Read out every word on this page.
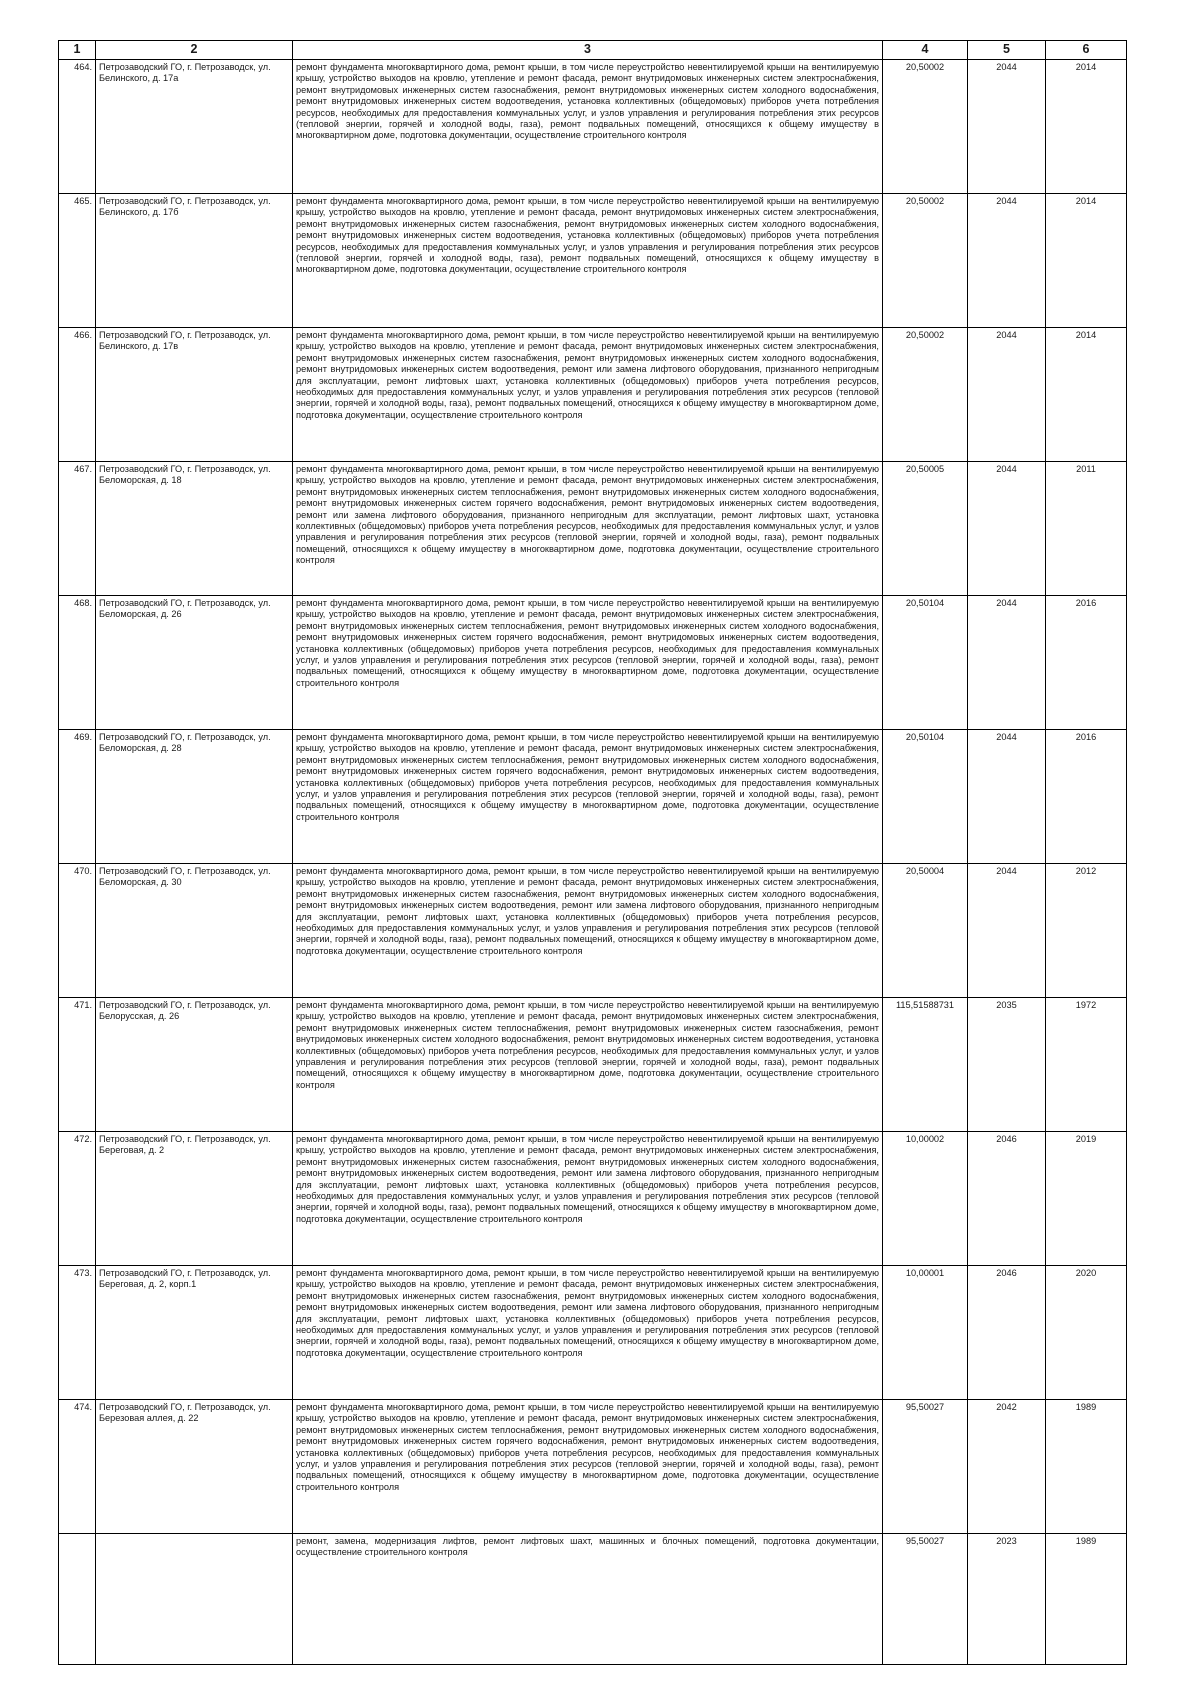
1	2	3	4	5	6
464.	Петрозаводский ГО, г. Петрозаводск, ул. Белинского, д. 17а	ремонт фундамента многоквартирного дома, ремонт крыши, в том числе переустройство невентилируемой крыши на вентилируемую крышу, устройство выходов на кровлю, утепление и ремонт фасада, ремонт внутридомовых инженерных систем электроснабжения, ремонт внутридомовых инженерных систем газоснабжения, ремонт внутридомовых инженерных систем холодного водоснабжения, ремонт внутридомовых инженерных систем водоотведения, установка коллективных (общедомовых) приборов учета потребления ресурсов, необходимых для предоставления коммунальных услуг, и узлов управления и регулирования потребления этих ресурсов (тепловой энергии, горячей и холодной воды, газа), ремонт подвальных помещений, относящихся к общему имуществу в многоквартирном доме, подготовка документации, осуществление строительного контроля	20,50002	2044	2014
465.	Петрозаводский ГО, г. Петрозаводск, ул. Белинского, д. 17б	ремонт фундамента многоквартирного дома, ремонт крыши, в том числе переустройство невентилируемой крыши на вентилируемую крышу, устройство выходов на кровлю, утепление и ремонт фасада, ремонт внутридомовых инженерных систем электроснабжения, ремонт внутридомовых инженерных систем газоснабжения, ремонт внутридомовых инженерных систем холодного водоснабжения, ремонт внутридомовых инженерных систем водоотведения, установка коллективных (общедомовых) приборов учета потребления ресурсов, необходимых для предоставления коммунальных услуг, и узлов управления и регулирования потребления этих ресурсов (тепловой энергии, горячей и холодной воды, газа), ремонт подвальных помещений, относящихся к общему имуществу в многоквартирном доме, подготовка документации, осуществление строительного контроля	20,50002	2044	2014
466.	Петрозаводский ГО, г. Петрозаводск, ул. Белинского, д. 17в	ремонт фундамента многоквартирного дома, ремонт крыши, в том числе переустройство невентилируемой крыши на вентилируемую крышу, устройство выходов на кровлю, утепление и ремонт фасада, ремонт внутридомовых инженерных систем электроснабжения, ремонт внутридомовых инженерных систем газоснабжения, ремонт внутридомовых инженерных систем холодного водоснабжения, ремонт внутридомовых инженерных систем водоотведения, ремонт или замена лифтового оборудования, признанного непригодным для эксплуатации, ремонт лифтовых шахт, установка коллективных (общедомовых) приборов учета потребления ресурсов, необходимых для предоставления коммунальных услуг, и узлов управления и регулирования потребления этих ресурсов (тепловой энергии, горячей и холодной воды, газа), ремонт подвальных помещений, относящихся к общему имуществу в многоквартирном доме, подготовка документации, осуществление строительного контроля	20,50002	2044	2014
467.	Петрозаводский ГО, г. Петрозаводск, ул. Беломорская, д. 18	ремонт фундамента многоквартирного дома, ремонт крыши, в том числе переустройство невентилируемой крыши на вентилируемую крышу, устройство выходов на кровлю, утепление и ремонт фасада, ремонт внутридомовых инженерных систем электроснабжения, ремонт внутридомовых инженерных систем теплоснабжения, ремонт внутридомовых инженерных систем холодного водоснабжения, ремонт внутридомовых инженерных систем горячего водоснабжения, ремонт внутридомовых инженерных систем водоотведения, ремонт или замена лифтового оборудования, признанного непригодным для эксплуатации, ремонт лифтовых шахт, установка коллективных (общедомовых) приборов учета потребления ресурсов, необходимых для предоставления коммунальных услуг, и узлов управления и регулирования потребления этих ресурсов (тепловой энергии, горячей и холодной воды, газа), ремонт подвальных помещений, относящихся к общему имуществу в многоквартирном доме, подготовка документации, осуществление строительного контроля	20,50005	2044	2011
468.	Петрозаводский ГО, г. Петрозаводск, ул. Беломорская, д. 26	ремонт фундамента многоквартирного дома, ремонт крыши, в том числе переустройство невентилируемой крыши на вентилируемую крышу, устройство выходов на кровлю, утепление и ремонт фасада, ремонт внутридомовых инженерных систем электроснабжения, ремонт внутридомовых инженерных систем теплоснабжения, ремонт внутридомовых инженерных систем холодного водоснабжения, ремонт внутридомовых инженерных систем горячего водоснабжения, ремонт внутридомовых инженерных систем водоотведения, установка коллективных (общедомовых) приборов учета потребления ресурсов, необходимых для предоставления коммунальных услуг, и узлов управления и регулирования потребления этих ресурсов (тепловой энергии, горячей и холодной воды, газа), ремонт подвальных помещений, относящихся к общему имуществу в многоквартирном доме, подготовка документации, осуществление строительного контроля	20,50104	2044	2016
469.	Петрозаводский ГО, г. Петрозаводск, ул. Беломорская, д. 28	ремонт фундамента многоквартирного дома, ремонт крыши, в том числе переустройство невентилируемой крыши на вентилируемую крышу, устройство выходов на кровлю, утепление и ремонт фасада, ремонт внутридомовых инженерных систем электроснабжения, ремонт внутридомовых инженерных систем теплоснабжения, ремонт внутридомовых инженерных систем холодного водоснабжения, ремонт внутридомовых инженерных систем горячего водоснабжения, ремонт внутридомовых инженерных систем водоотведения, установка коллективных (общедомовых) приборов учета потребления ресурсов, необходимых для предоставления коммунальных услуг, и узлов управления и регулирования потребления этих ресурсов (тепловой энергии, горячей и холодной воды, газа), ремонт подвальных помещений, относящихся к общему имуществу в многоквартирном доме, подготовка документации, осуществление строительного контроля	20,50104	2044	2016
470.	Петрозаводский ГО, г. Петрозаводск, ул. Беломорская, д. 30	ремонт фундамента многоквартирного дома, ремонт крыши, в том числе переустройство невентилируемой крыши на вентилируемую крышу, устройство выходов на кровлю, утепление и ремонт фасада, ремонт внутридомовых инженерных систем электроснабжения, ремонт внутридомовых инженерных систем газоснабжения, ремонт внутридомовых инженерных систем холодного водоснабжения, ремонт внутридомовых инженерных систем водоотведения, ремонт или замена лифтового оборудования, признанного непригодным для эксплуатации, ремонт лифтовых шахт, установка коллективных (общедомовых) приборов учета потребления ресурсов, необходимых для предоставления коммунальных услуг, и узлов управления и регулирования потребления этих ресурсов (тепловой энергии, горячей и холодной воды, газа), ремонт подвальных помещений, относящихся к общему имуществу в многоквартирном доме, подготовка документации, осуществление строительного контроля	20,50004	2044	2012
471.	Петрозаводский ГО, г. Петрозаводск, ул. Белорусская, д. 26	ремонт фундамента многоквартирного дома, ремонт крыши, в том числе переустройство невентилируемой крыши на вентилируемую крышу, устройство выходов на кровлю, утепление и ремонт фасада, ремонт внутридомовых инженерных систем электроснабжения, ремонт внутридомовых инженерных систем теплоснабжения, ремонт внутридомовых инженерных систем газоснабжения, ремонт внутридомовых инженерных систем холодного водоснабжения, ремонт внутридомовых инженерных систем водоотведения, установка коллективных (общедомовых) приборов учета потребления ресурсов, необходимых для предоставления коммунальных услуг, и узлов управления и регулирования потребления этих ресурсов (тепловой энергии, горячей и холодной воды, газа), ремонт подвальных помещений, относящихся к общему имуществу в многоквартирном доме, подготовка документации, осуществление строительного контроля	115,51588731	2035	1972
472.	Петрозаводский ГО, г. Петрозаводск, ул. Береговая, д. 2	ремонт фундамента многоквартирного дома, ремонт крыши, в том числе переустройство невентилируемой крыши на вентилируемую крышу, устройство выходов на кровлю, утепление и ремонт фасада, ремонт внутридомовых инженерных систем электроснабжения, ремонт внутридомовых инженерных систем газоснабжения, ремонт внутридомовых инженерных систем холодного водоснабжения, ремонт внутридомовых инженерных систем водоотведения, ремонт или замена лифтового оборудования, признанного непригодным для эксплуатации, ремонт лифтовых шахт, установка коллективных (общедомовых) приборов учета потребления ресурсов, необходимых для предоставления коммунальных услуг, и узлов управления и регулирования потребления этих ресурсов (тепловой энергии, горячей и холодной воды, газа), ремонт подвальных помещений, относящихся к общему имуществу в многоквартирном доме, подготовка документации, осуществление строительного контроля	10,00002	2046	2019
473.	Петрозаводский ГО, г. Петрозаводск, ул. Береговая, д. 2, корп.1	ремонт фундамента многоквартирного дома, ремонт крыши, в том числе переустройство невентилируемой крыши на вентилируемую крышу, устройство выходов на кровлю, утепление и ремонт фасада, ремонт внутридомовых инженерных систем электроснабжения, ремонт внутридомовых инженерных систем газоснабжения, ремонт внутридомовых инженерных систем холодного водоснабжения, ремонт внутридомовых инженерных систем водоотведения, ремонт или замена лифтового оборудования, признанного непригодным для эксплуатации, ремонт лифтовых шахт, установка коллективных (общедомовых) приборов учета потребления ресурсов, необходимых для предоставления коммунальных услуг, и узлов управления и регулирования потребления этих ресурсов (тепловой энергии, горячей и холодной воды, газа), ремонт подвальных помещений, относящихся к общему имуществу в многоквартирном доме, подготовка документации, осуществление строительного контроля	10,00001	2046	2020
474.	Петрозаводский ГО, г. Петрозаводск, ул. Березовая аллея, д. 22	ремонт фундамента многоквартирного дома, ремонт крыши, в том числе переустройство невентилируемой крыши на вентилируемую крышу, устройство выходов на кровлю, утепление и ремонт фасада, ремонт внутридомовых инженерных систем электроснабжения, ремонт внутридомовых инженерных систем теплоснабжения, ремонт внутридомовых инженерных систем холодного водоснабжения, ремонт внутридомовых инженерных систем горячего водоснабжения, ремонт внутридомовых инженерных систем водоотведения, установка коллективных (общедомовых) приборов учета потребления ресурсов, необходимых для предоставления коммунальных услуг, и узлов управления и регулирования потребления этих ресурсов (тепловой энергии, горячей и холодной воды, газа), ремонт подвальных помещений, относящихся к общему имуществу в многоквартирном доме, подготовка документации, осуществление строительного контроля	95,50027	2042	1989
		ремонт, замена, модернизация лифтов, ремонт лифтовых шахт, машинных и блочных помещений, подготовка документации, осуществление строительного контроля	95,50027	2023	1989
